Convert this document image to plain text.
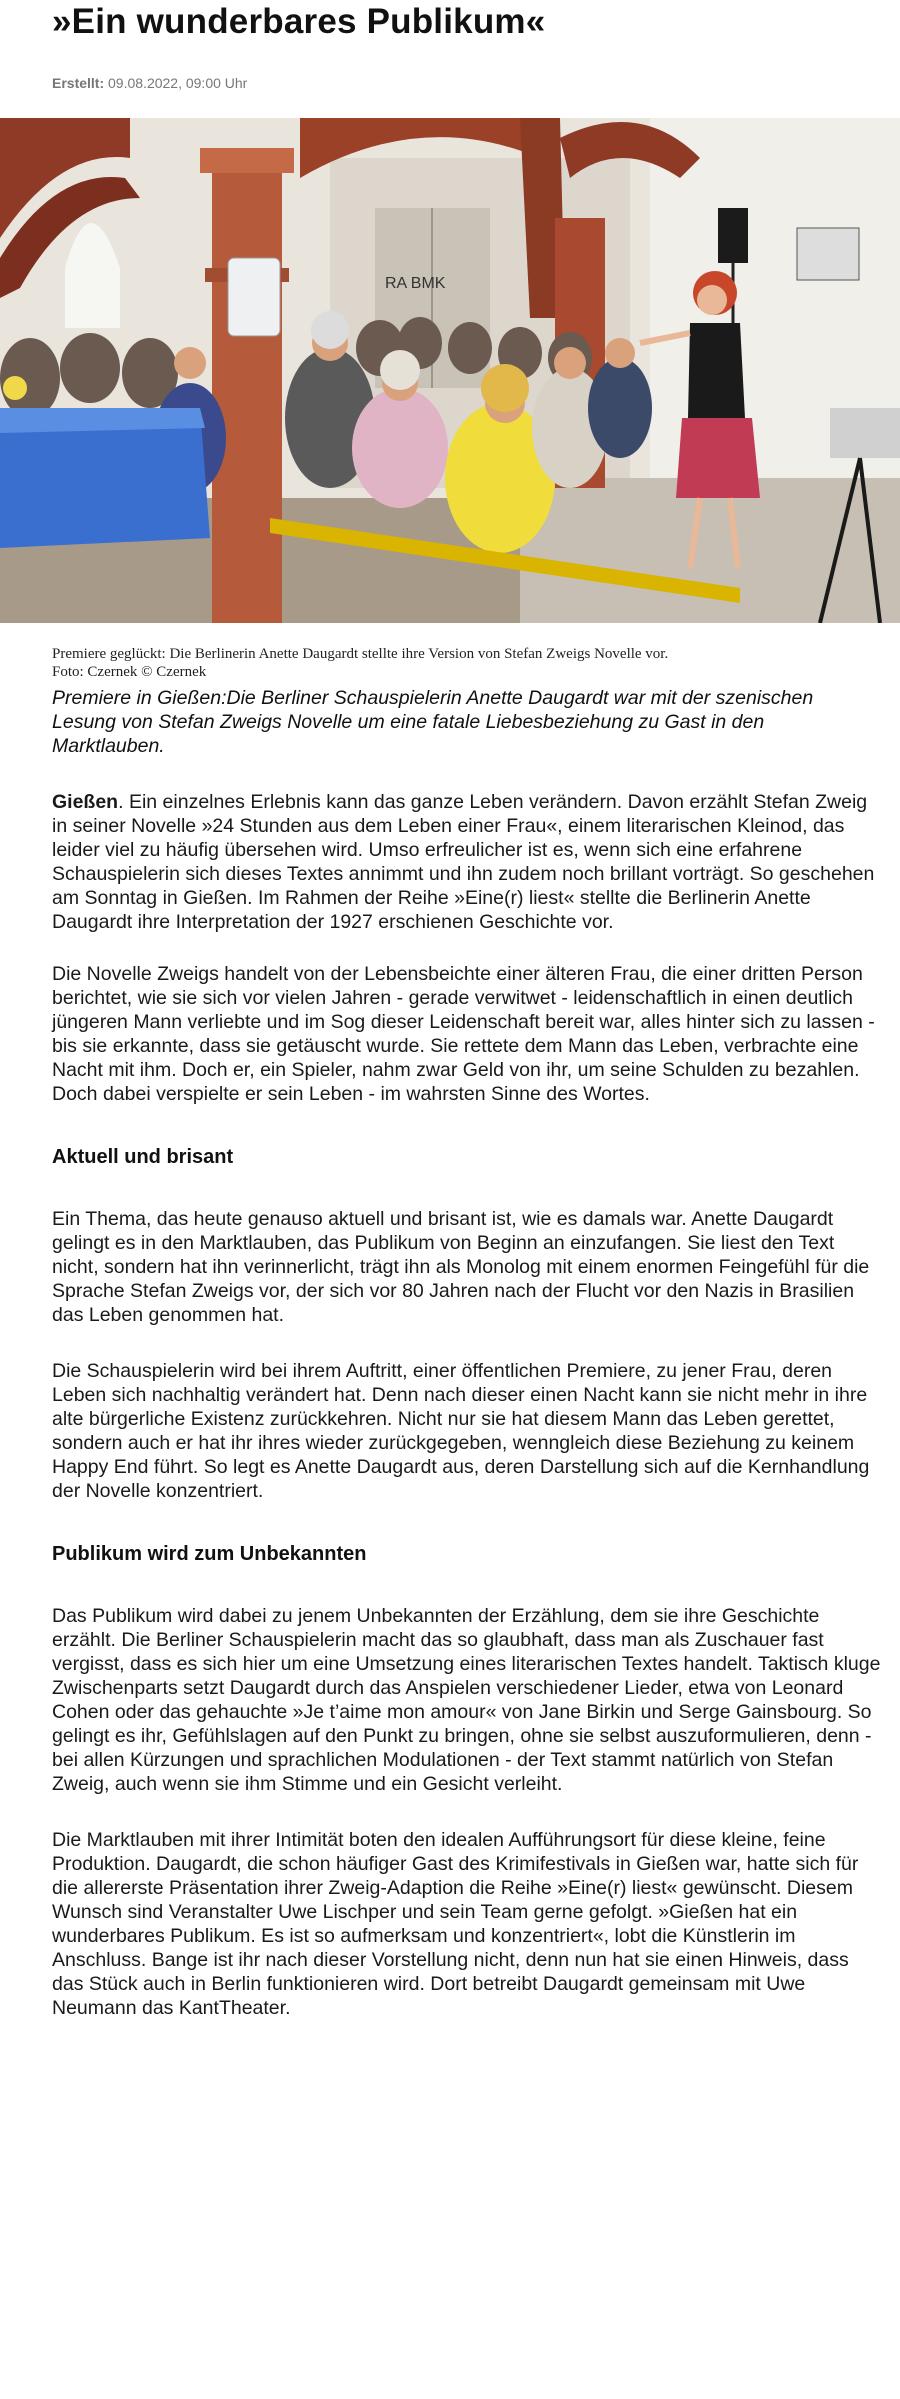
»Ein wunderbares Publikum«
Erstellt: 09.08.2022, 09:00 Uhr
RA BMK
Premiere geglückt: Die Berlinerin Anette Daugardt stellte ihre Version von Stefan Zweigs Novelle vor.
Foto: Czernek © Czernek
Premiere in Gießen:Die Berliner Schauspielerin Anette Daugardt war mit der szenischen Lesung von Stefan Zweigs Novelle um eine fatale Liebesbeziehung zu Gast in den Marktlauben.

Gießen. Ein einzelnes Erlebnis kann das ganze Leben verändern. Davon erzählt Stefan Zweig in seiner Novelle »24 Stunden aus dem Leben einer Frau«, einem literarischen Kleinod, das leider viel zu häufig übersehen wird. Umso erfreulicher ist es, wenn sich eine erfahrene Schauspielerin sich dieses Textes annimmt und ihn zudem noch brillant vorträgt. So geschehen am Sonntag in Gießen. Im Rahmen der Reihe »Eine(r) liest« stellte die Berlinerin Anette Daugardt ihre Interpretation der 1927 erschienen Geschichte vor.

Die Novelle Zweigs handelt von der Lebensbeichte einer älteren Frau, die einer dritten Person berichtet, wie sie sich vor vielen Jahren - gerade verwitwet - leidenschaftlich in einen deutlich jüngeren Mann verliebte und im Sog dieser Leidenschaft bereit war, alles hinter sich zu lassen - bis sie erkannte, dass sie getäuscht wurde. Sie rettete dem Mann das Leben, verbrachte eine Nacht mit ihm. Doch er, ein Spieler, nahm zwar Geld von ihr, um seine Schulden zu bezahlen. Doch dabei verspielte er sein Leben - im wahrsten Sinne des Wortes.

Aktuell und brisant

Ein Thema, das heute genauso aktuell und brisant ist, wie es damals war. Anette Daugardt gelingt es in den Marktlauben, das Publikum von Beginn an einzufangen. Sie liest den Text nicht, sondern hat ihn verinnerlicht, trägt ihn als Monolog mit einem enormen Feingefühl für die Sprache Stefan Zweigs vor, der sich vor 80 Jahren nach der Flucht vor den Nazis in Brasilien das Leben genommen hat.

Die Schauspielerin wird bei ihrem Auftritt, einer öffentlichen Premiere, zu jener Frau, deren Leben sich nachhaltig verändert hat. Denn nach dieser einen Nacht kann sie nicht mehr in ihre alte bürgerliche Existenz zurückkehren. Nicht nur sie hat diesem Mann das Leben gerettet, sondern auch er hat ihr ihres wieder zurückgegeben, wenngleich diese Beziehung zu keinem Happy End führt. So legt es Anette Daugardt aus, deren Darstellung sich auf die Kernhandlung der Novelle konzentriert.

Publikum wird zum Unbekannten

Das Publikum wird dabei zu jenem Unbekannten der Erzählung, dem sie ihre Geschichte erzählt. Die Berliner Schauspielerin macht das so glaubhaft, dass man als Zuschauer fast vergisst, dass es sich hier um eine Umsetzung eines literarischen Textes handelt. Taktisch kluge Zwischenparts setzt Daugardt durch das Anspielen verschiedener Lieder, etwa von Leonard Cohen oder das gehauchte »Je t’aime mon amour« von Jane Birkin und Serge Gainsbourg. So gelingt es ihr, Gefühlslagen auf den Punkt zu bringen, ohne sie selbst auszuformulieren, denn - bei allen Kürzungen und sprachlichen Modulationen - der Text stammt natürlich von Stefan Zweig, auch wenn sie ihm Stimme und ein Gesicht verleiht.

Die Marktlauben mit ihrer Intimität boten den idealen Aufführungsort für diese kleine, feine Produktion. Daugardt, die schon häufiger Gast des Krimifestivals in Gießen war, hatte sich für die allererste Präsentation ihrer Zweig-Adaption die Reihe »Eine(r) liest« gewünscht. Diesem Wunsch sind Veranstalter Uwe Lischper und sein Team gerne gefolgt. »Gießen hat ein wunderbares Publikum. Es ist so aufmerksam und konzentriert«, lobt die Künstlerin im Anschluss. Bange ist ihr nach dieser Vorstellung nicht, denn nun hat sie einen Hinweis, dass das Stück auch in Berlin funktionieren wird. Dort betreibt Daugardt gemeinsam mit Uwe Neumann das KantTheater.
